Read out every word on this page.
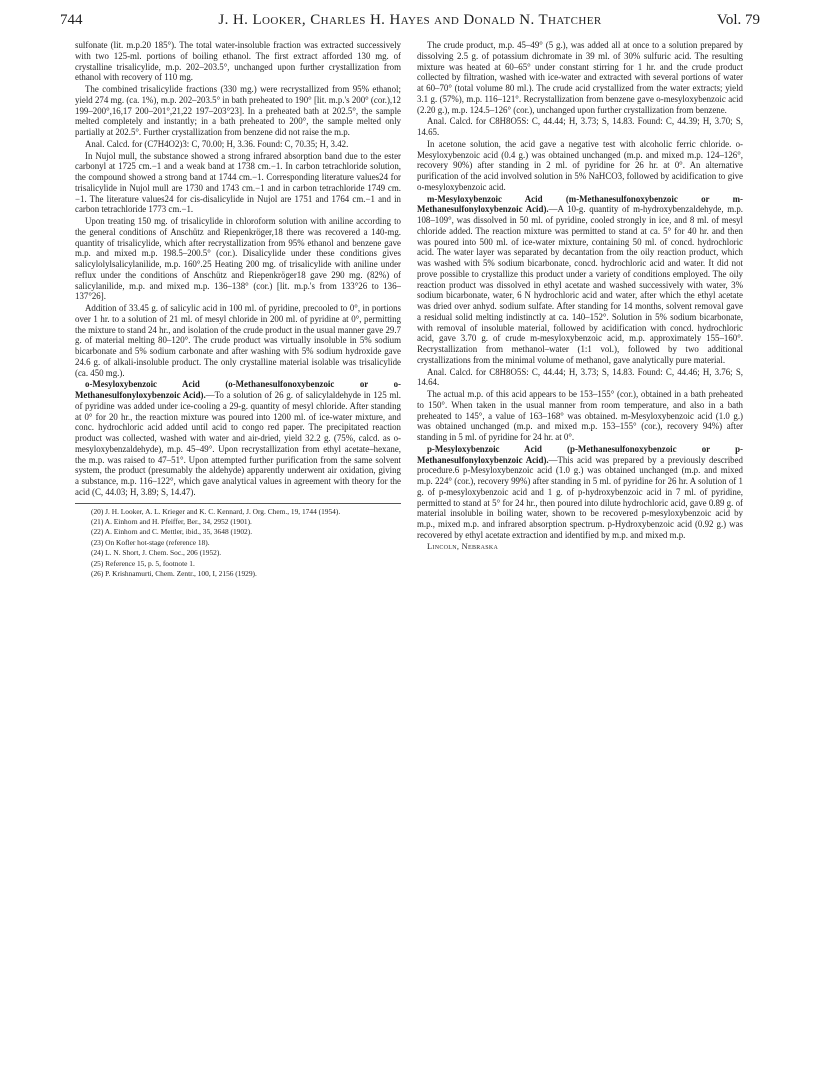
744	J. H. Looker, Charles H. Hayes and Donald N. Thatcher	Vol. 79

sulfonate (lit. m.p.20 185°). The total water-insoluble fraction was extracted successively with two 125-ml. portions of boiling ethanol. The first extract afforded 130 mg. of crystalline trisalicylide, m.p. 202–203.5°, unchanged upon further crystallization from ethanol with recovery of 110 mg.

The combined trisalicylide fractions (330 mg.) were recrystallized from 95% ethanol; yield 274 mg. (ca. 1%), m.p. 202–203.5° in bath preheated to 190° [lit. m.p.'s 200° (cor.),12 199–200°,16,17 200–201°,21,22 197–203°23]. In a preheated bath at 202.5°, the sample melted completely and instantly; in a bath preheated to 200°, the sample melted only partially at 202.5°. Further crystallization from benzene did not raise the m.p.

Anal. Calcd. for (C7H4O2)3: C, 70.00; H, 3.36. Found: C, 70.35; H, 3.42.

In Nujol mull, the substance showed a strong infrared absorption band due to the ester carbonyl at 1725 cm.−1 and a weak band at 1738 cm.−1. In carbon tetrachloride solution, the compound showed a strong band at 1744 cm.−1. Corresponding literature values24 for trisalicylide in Nujol mull are 1730 and 1743 cm.−1 and in carbon tetrachloride 1749 cm.−1. The literature values24 for cis-disalicylide in Nujol are 1751 and 1764 cm.−1 and in carbon tetrachloride 1773 cm.−1.

Upon treating 150 mg. of trisalicylide in chloroform solution with aniline according to the general conditions of Anschütz and Riepenkröger,18 there was recovered a 140-mg. quantity of trisalicylide, which after recrystallization from 95% ethanol and benzene gave m.p. and mixed m.p. 198.5–200.5° (cor.). Disalicylide under these conditions gives salicylolylsalicylanilide, m.p. 160°.25 Heating 200 mg. of trisalicylide with aniline under reflux under the conditions of Anschütz and Riepenkröger18 gave 290 mg. (82%) of salicylanilide, m.p. and mixed m.p. 136–138° (cor.) [lit. m.p.'s from 133°26 to 136–137°26].

Addition of 33.45 g. of salicylic acid in 100 ml. of pyridine, precooled to 0°, in portions over 1 hr. to a solution of 21 ml. of mesyl chloride in 200 ml. of pyridine at 0°, permitting the mixture to stand 24 hr., and isolation of the crude product in the usual manner gave 29.7 g. of material melting 80–120°. The crude product was virtually insoluble in 5% sodium bicarbonate and 5% sodium carbonate and after washing with 5% sodium hydroxide gave 24.6 g. of alkali-insoluble product. The only crystalline material isolable was trisalicylide (ca. 450 mg.).

o-Mesyloxybenzoic Acid (o-Methanesulfonoxybenzoic or o-Methanesulfonyloxybenzoic Acid).—To a solution of 26 g. of salicylaldehyde in 125 ml. of pyridine was added under ice-cooling a 29-g. quantity of mesyl chloride. After standing at 0° for 20 hr., the reaction mixture was poured into 1200 ml. of ice-water mixture, and conc. hydrochloric acid added until acid to congo red paper. The precipitated reaction product was collected, washed with water and air-dried, yield 32.2 g. (75%, calcd. as o-mesyloxybenzaldehyde), m.p. 45–49°. Upon recrystallization from ethyl acetate–hexane, the m.p. was raised to 47–51°. Upon attempted further purification from the same solvent system, the product (presumably the aldehyde) apparently underwent air oxidation, giving a substance, m.p. 116–122°, which gave analytical values in agreement with theory for the acid (C, 44.03; H, 3.89; S, 14.47).

(20) J. H. Looker, A. L. Krieger and K. C. Kennard, J. Org. Chem., 19, 1744 (1954).

(21) A. Einhorn and H. Pfeiffer, Ber., 34, 2952 (1901).

(22) A. Einhorn and C. Mettler, ibid., 35, 3648 (1902).

(23) On Kofler hot-stage (reference 18).

(24) L. N. Short, J. Chem. Soc., 206 (1952).

(25) Reference 15, p. 5, footnote 1.

(26) P. Krishnamurti, Chem. Zentr., 100, I, 2156 (1929).

The crude product, m.p. 45–49° (5 g.), was added all at once to a solution prepared by dissolving 2.5 g. of potassium dichromate in 39 ml. of 30% sulfuric acid. The resulting mixture was heated at 60–65° under constant stirring for 1 hr. and the crude product collected by filtration, washed with ice-water and extracted with several portions of water at 60–70° (total volume 80 ml.). The crude acid crystallized from the water extracts; yield 3.1 g. (57%), m.p. 116–121°. Recrystallization from benzene gave o-mesyloxybenzoic acid (2.20 g.), m.p. 124.5–126° (cor.), unchanged upon further crystallization from benzene.

Anal. Calcd. for C8H8O5S: C, 44.44; H, 3.73; S, 14.83. Found: C, 44.39; H, 3.70; S, 14.65.

In acetone solution, the acid gave a negative test with alcoholic ferric chloride. o-Mesyloxybenzoic acid (0.4 g.) was obtained unchanged (m.p. and mixed m.p. 124–126°, recovery 90%) after standing in 2 ml. of pyridine for 26 hr. at 0°. An alternative purification of the acid involved solution in 5% NaHCO3, followed by acidification to give o-mesyloxybenzoic acid.

m-Mesyloxybenzoic Acid (m-Methanesulfonoxybenzoic or m-Methanesulfonyloxybenzoic Acid).—A 10-g. quantity of m-hydroxybenzaldehyde, m.p. 108–109°, was dissolved in 50 ml. of pyridine, cooled strongly in ice, and 8 ml. of mesyl chloride added. The reaction mixture was permitted to stand at ca. 5° for 40 hr. and then was poured into 500 ml. of ice-water mixture, containing 50 ml. of concd. hydrochloric acid. The water layer was separated by decantation from the oily reaction product, which was washed with 5% sodium bicarbonate, concd. hydrochloric acid and water. It did not prove possible to crystallize this product under a variety of conditions employed. The oily reaction product was dissolved in ethyl acetate and washed successively with water, 3% sodium bicarbonate, water, 6 N hydrochloric acid and water, after which the ethyl acetate was dried over anhyd. sodium sulfate. After standing for 14 months, solvent removal gave a residual solid melting indistinctly at ca. 140–152°. Solution in 5% sodium bicarbonate, with removal of insoluble material, followed by acidification with concd. hydrochloric acid, gave 3.70 g. of crude m-mesyloxybenzoic acid, m.p. approximately 155–160°. Recrystallization from methanol–water (1:1 vol.), followed by two additional crystallizations from the minimal volume of methanol, gave analytically pure material.

Anal. Calcd. for C8H8O5S: C, 44.44; H, 3.73; S, 14.83. Found: C, 44.46; H, 3.76; S, 14.64.

The actual m.p. of this acid appears to be 153–155° (cor.), obtained in a bath preheated to 150°. When taken in the usual manner from room temperature, and also in a bath preheated to 145°, a value of 163–168° was obtained. m-Mesyloxybenzoic acid (1.0 g.) was obtained unchanged (m.p. and mixed m.p. 153–155° (cor.), recovery 94%) after standing in 5 ml. of pyridine for 24 hr. at 0°.

p-Mesyloxybenzoic Acid (p-Methanesulfonoxybenzoic or p-Methanesulfonyloxybenzoic Acid).—This acid was prepared by a previously described procedure.6 p-Mesyloxybenzoic acid (1.0 g.) was obtained unchanged (m.p. and mixed m.p. 224° (cor.), recovery 99%) after standing in 5 ml. of pyridine for 26 hr. A solution of 1 g. of p-mesyloxybenzoic acid and 1 g. of p-hydroxybenzoic acid in 7 ml. of pyridine, permitted to stand at 5° for 24 hr., then poured into dilute hydrochloric acid, gave 0.89 g. of material insoluble in boiling water, shown to be recovered p-mesyloxybenzoic acid by m.p., mixed m.p. and infrared absorption spectrum. p-Hydroxybenzoic acid (0.92 g.) was recovered by ethyl acetate extraction and identified by m.p. and mixed m.p.

Lincoln, Nebraska
